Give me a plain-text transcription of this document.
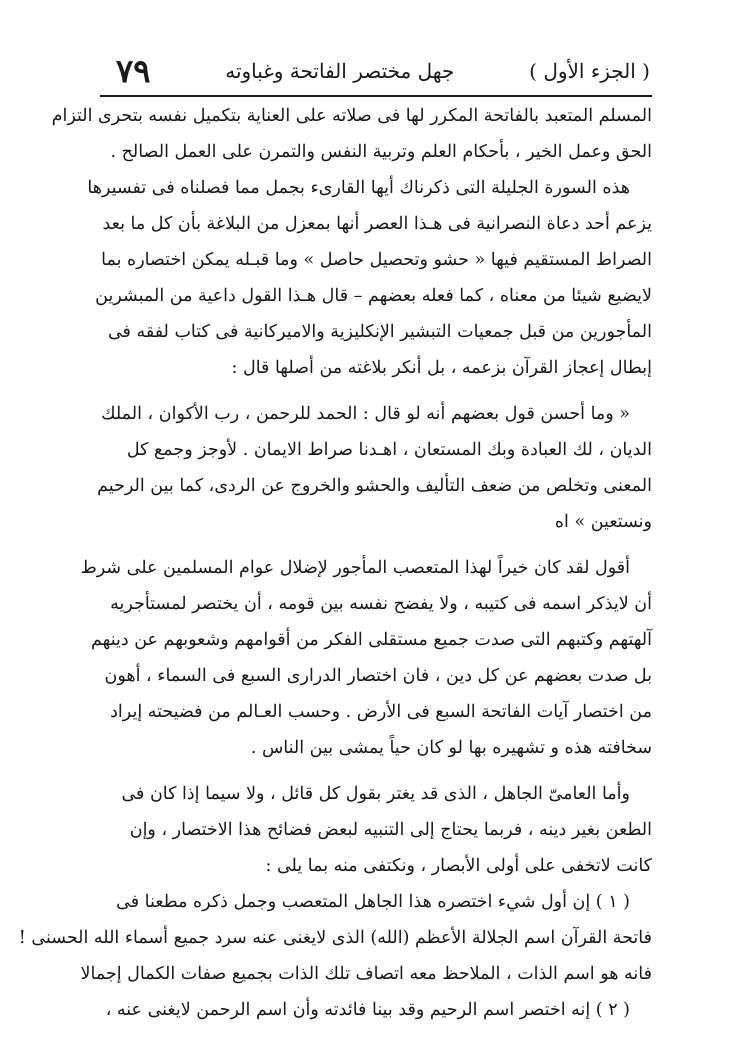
٧٩	جهل مختصر الفاتحة وغباوته	( الجزء الأول )
المسلم المتعبد بالفاتحة المكرر لها فى صلاته على العناية بتكميل نفسه بتحرى التزام
الحق وعمل الخير ، بأحكام العلم وتربية النفس والتمرن على العمل الصالح .
هذه السورة الجليلة التى ذكرناك أيها القارىء بجمل مما فصلناه فى تفسيرها
يزعم أحد دعاة النصرانية فى هـذا العصر أنها بمعزل من البلاغة بأن كل ما بعد
الصراط المستقيم فيها « حشو وتحصيل حاصل » وما قبـله يمكن اختصاره بما
لايضيع شيئا من معناه ، كما فعله بعضهم – قال هـذا القول داعية من المبشرين
المأجورين من قبل جمعيات التبشير الإنكليزية والاميركانية فى كتاب لفقه فى
إبطال إعجاز القرآن بزعمه ، بل أنكر بلاغته من أصلها قال :
« وما أحسن قول بعضهم أنه لو قال : الحمد للرحمن ، رب الأكوان ، الملك
الديان ، لك العبادة وبك المستعان ، اهـدنا صراط الايمان . لأوجز وجمع كل
المعنى وتخلص من ضعف التأليف والحشو والخروج عن الردى، كما بين الرحيم
ونستعين » اه
أقول لقد كان خيراً لهذا المتعصب المأجور لإضلال عوام المسلمين على شرط
أن لايذكر اسمه فى كتيبه ، ولا يفضح نفسه بين قومه ، أن يختصر لمستأجريه
آلهتهم وكتبهم التى صدت جميع مستقلى الفكر من أقوامهم وشعوبهم عن دينهم
بل صدت بعضهم عن كل دين ، فان اختصار الدرارى السبع فى السماء ، أهون
من اختصار آيات الفاتحة السبع فى الأرض . وحسب العـالم من فضيحته إيراد
سخافته هذه و تشهيره بها لو كان حياً يمشى بين الناس .
وأما العامىّ الجاهل ، الذى قد يغتر بقول كل قائل ، ولا سيما إذا كان فى
الطعن بغير دينه ، فربما يحتاج إلى التنبيه لبعض فضائح هذا الاختصار ، وإن
كانت لاتخفى على أولى الأبصار ، ونكتفى منه بما يلى :
( ١ ) إن أول شيء اختصره هذا الجاهل المتعصب وجمل ذكره مطعنا فى
فاتحة القرآن اسم الجلالة الأعظم (الله) الذى لايغنى عنه سرد جميع أسماء الله الحسنى !
فانه هو اسم الذات ، الملاحظ معه اتصاف تلك الذات بجميع صفات الكمال إجمالا
( ٢ ) إنه اختصر اسم الرحيم وقد بينا فائدته وأن اسم الرحمن لايغنى عنه ،
